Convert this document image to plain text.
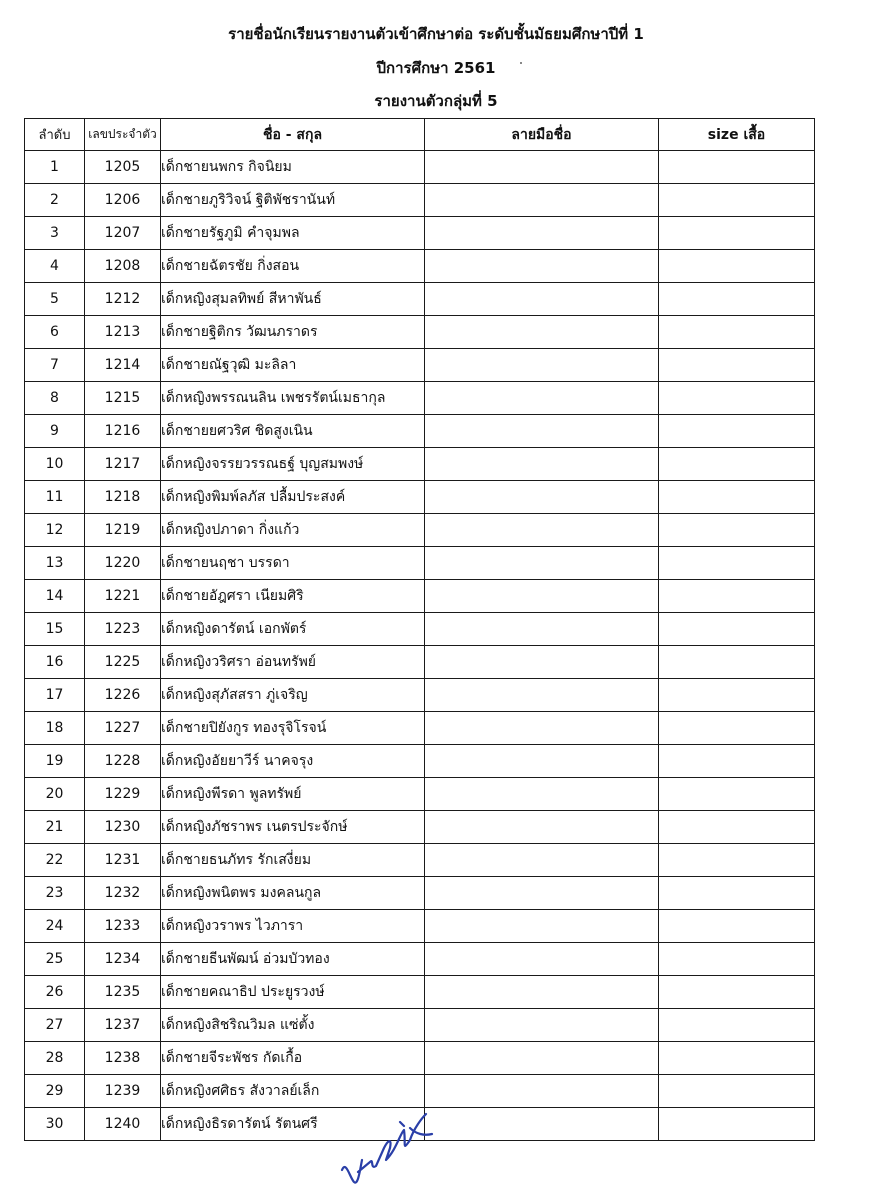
รายชื่อนักเรียนรายงานตัวเข้าศึกษาต่อ ระดับชั้นมัธยมศึกษาปีที่ 1
ปีการศึกษา 2561
รายงานตัวกลุ่มที่ 5
ลำดับ	เลขประจำตัว	ชื่อ - สกุล	ลายมือชื่อ	size เสื้อ
1	1205	เด็กชายนพกร กิจนิยม		
2	1206	เด็กชายภูริวิจน์ ฐิติพัชรานันท์		
3	1207	เด็กชายรัฐภูมิ คำจุมพล		
4	1208	เด็กชายฉัตรชัย กิ่งสอน		
5	1212	เด็กหญิงสุมลทิพย์ สีหาพันธ์		
6	1213	เด็กชายฐิติกร วัฒนภราดร		
7	1214	เด็กชายณัฐวุฒิ มะลิลา		
8	1215	เด็กหญิงพรรณนลิน เพชรรัตน์เมธากุล		
9	1216	เด็กชายยศวริศ ชิดสูงเนิน		
10	1217	เด็กหญิงจรรยวรรณธฐ์ บุญสมพงษ์		
11	1218	เด็กหญิงพิมพ์ลภัส ปลื้มประสงค์		
12	1219	เด็กหญิงปภาดา กิ่งแก้ว		
13	1220	เด็กชายนฤชา บรรดา		
14	1221	เด็กชายอัฎศรา เนียมศิริ		
15	1223	เด็กหญิงดารัตน์ เอกพัตร์		
16	1225	เด็กหญิงวริศรา อ่อนทรัพย์		
17	1226	เด็กหญิงสุภัสสรา ภู่เจริญ		
18	1227	เด็กชายปิยังกูร ทองรุจิโรจน์		
19	1228	เด็กหญิงอัยยาวีร์ นาคจรุง		
20	1229	เด็กหญิงพีรดา พูลทรัพย์		
21	1230	เด็กหญิงภัชราพร เนตรประจักษ์		
22	1231	เด็กชายธนภัทร รักเสงี่ยม		
23	1232	เด็กหญิงพนิตพร มงคลนกูล		
24	1233	เด็กหญิงวราพร ไวภารา		
25	1234	เด็กชายธีนพัฒน์ อ่วมบัวทอง		
26	1235	เด็กชายคณาธิป ประยูรวงษ์		
27	1237	เด็กหญิงสิชริณวิมล แซ่ตั้ง		
28	1238	เด็กชายจีระพัชร กัดเกื้อ		
29	1239	เด็กหญิงศศิธร สังวาลย์เล็ก		
30	1240	เด็กหญิงธิรดารัตน์ รัตนศรี		
